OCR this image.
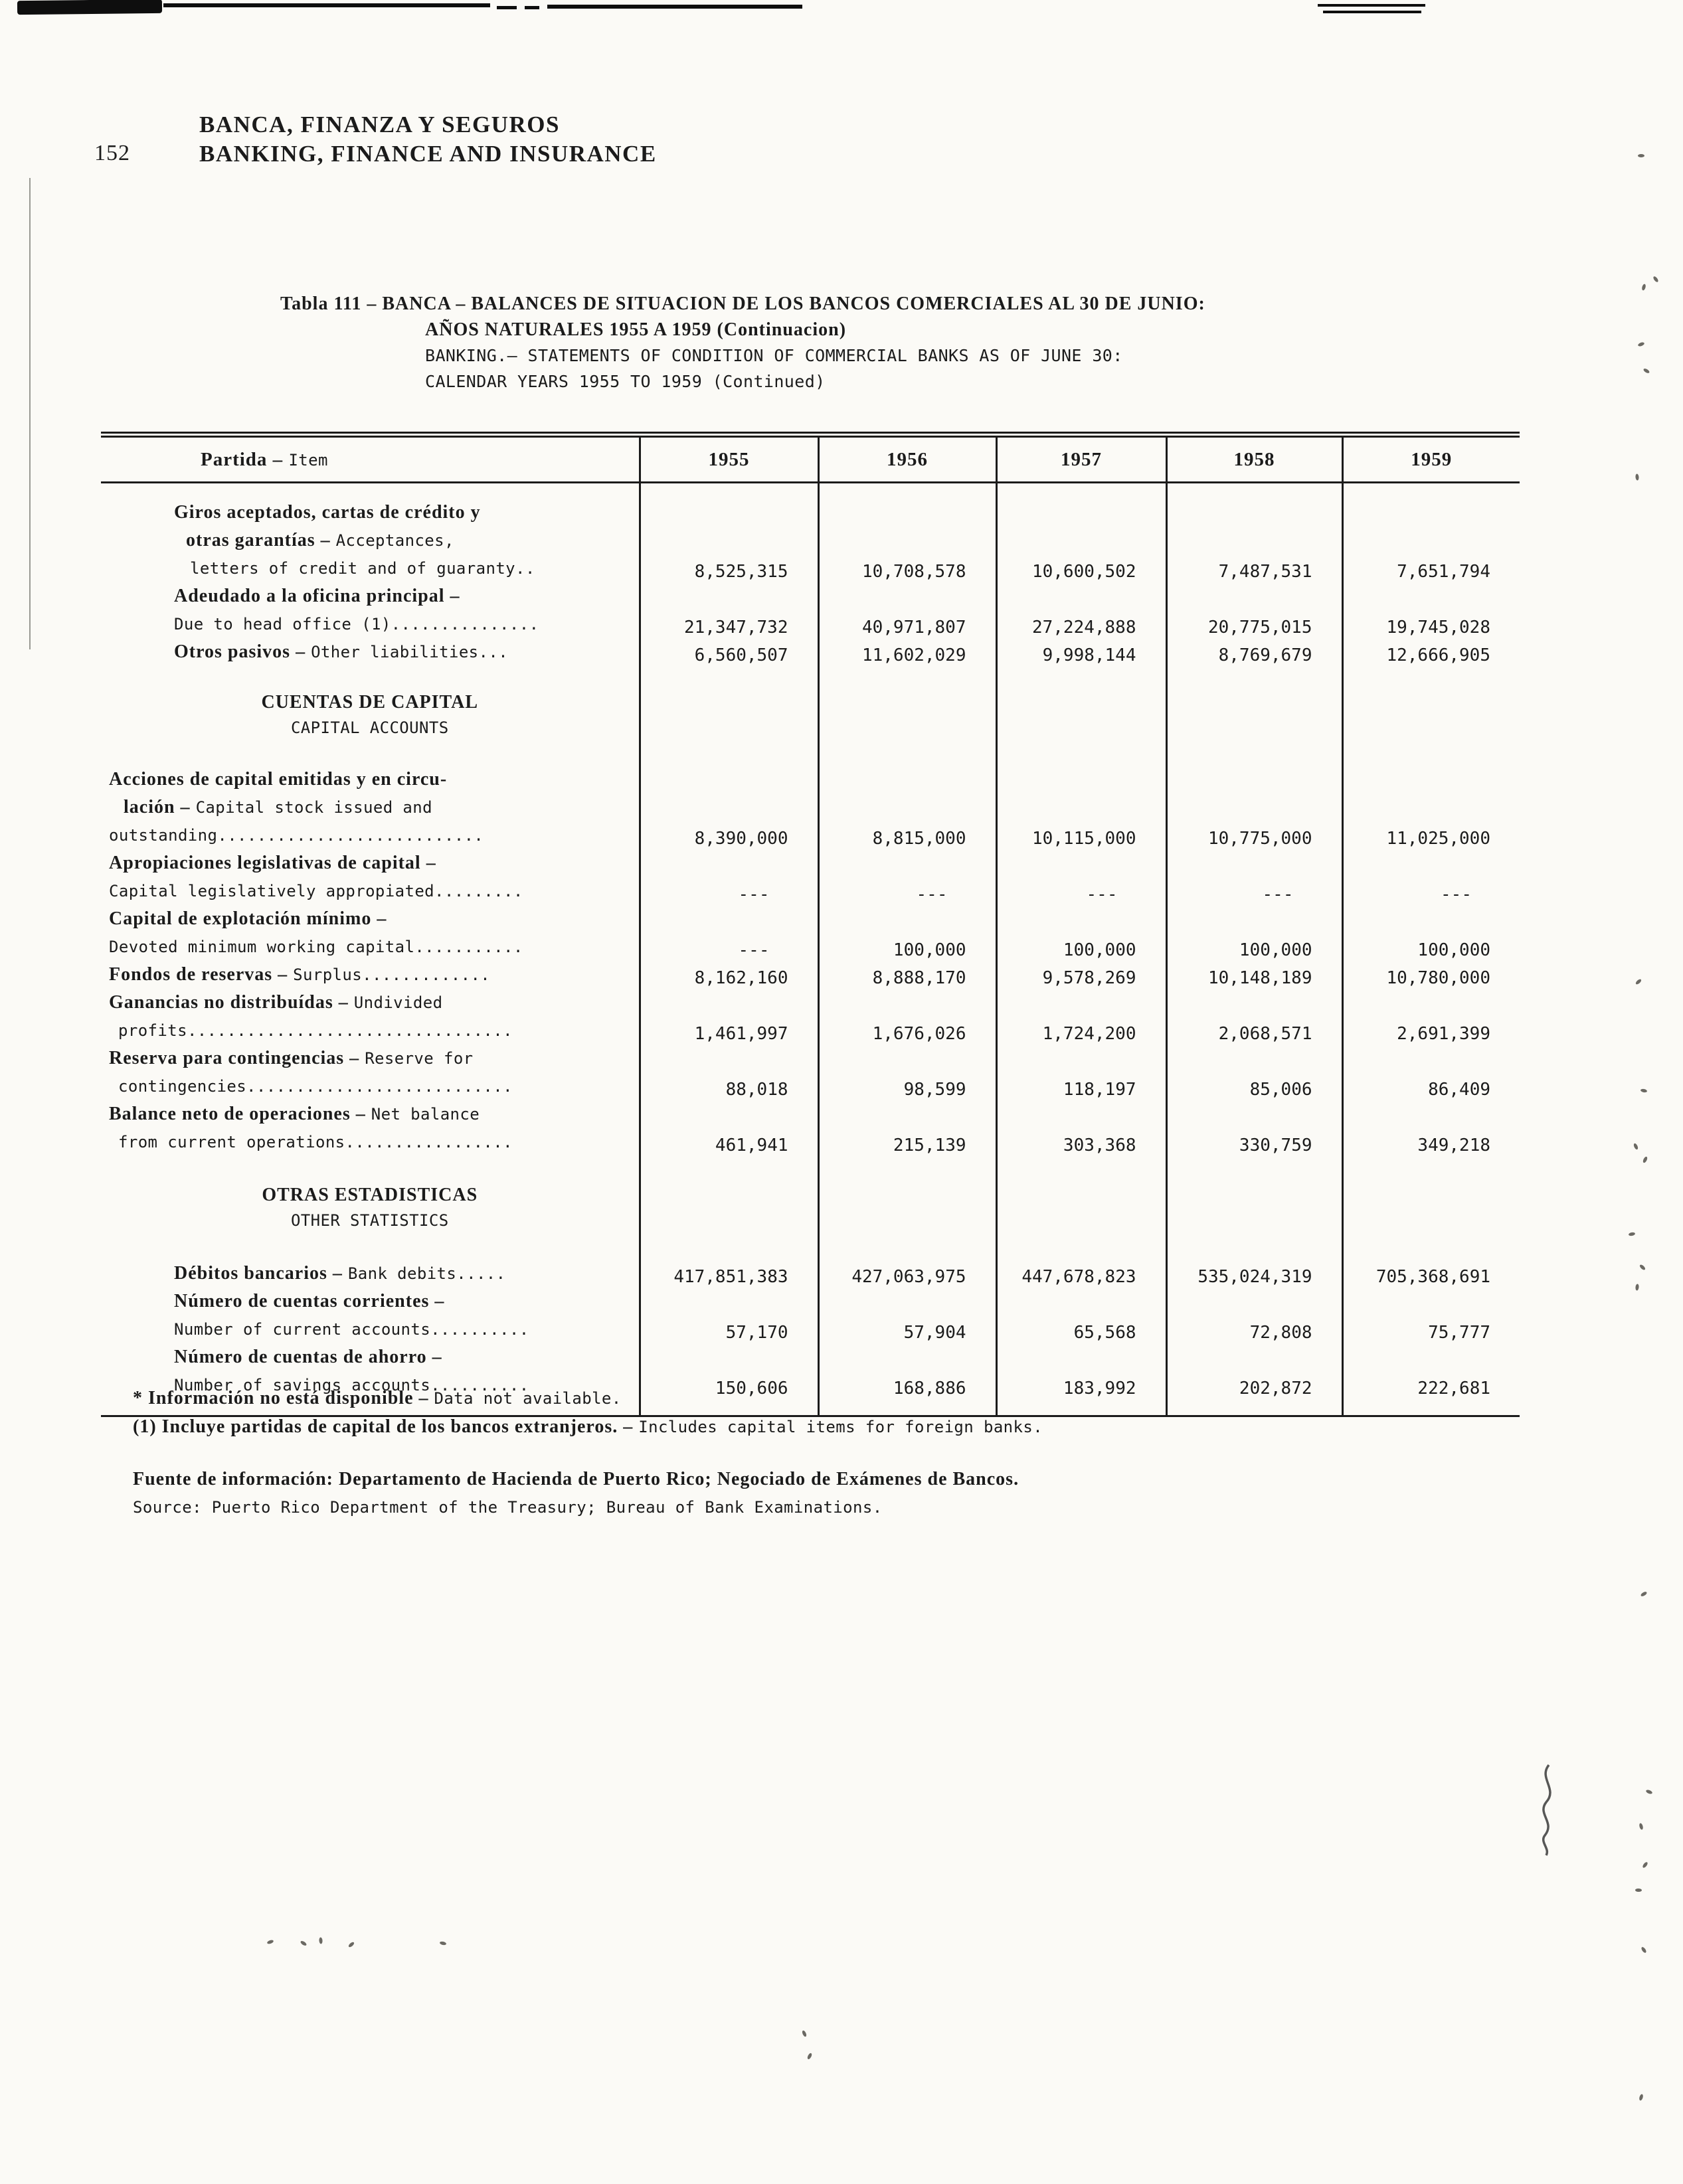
152
BANCA, FINANZA Y SEGUROS
BANKING, FINANCE AND INSURANCE
Tabla 111 – BANCA – BALANCES DE SITUACION DE LOS BANCOS COMERCIALES AL 30 DE JUNIO:
AÑOS NATURALES 1955 A 1959 (Continuacion)
BANKING.– STATEMENTS OF CONDITION OF COMMERCIAL BANKS AS OF JUNE 30:
CALENDAR YEARS 1955 TO 1959 (Continued)
Partida – Item	1955	1956	1957	1958	1959

Giros aceptados, cartas de crédito y
otras garantías – Acceptances,
letters of credit and of guaranty..	8,525,315	10,708,578	10,600,502	7,487,531	7,651,794

Adeudado a la oficina principal –
Due to head office (1)...............	21,347,732	40,971,807	27,224,888	20,775,015	19,745,028

Otros pasivos – Other liabilities...	6,560,507	11,602,029	9,998,144	8,769,679	12,666,905

CUENTAS DE CAPITAL
CAPITAL ACCOUNTS					

Acciones de capital emitidas y en circu-
lación – Capital stock issued and
outstanding...........................	8,390,000	8,815,000	10,115,000	10,775,000	11,025,000

Apropiaciones legislativas de capital –
Capital legislatively appropiated.........	---	---	---	---	---

Capital de explotación mínimo –
Devoted minimum working capital...........	---	100,000	100,000	100,000	100,000

Fondos de reservas – Surplus.............	8,162,160	8,888,170	9,578,269	10,148,189	10,780,000

Ganancias no distribuídas – Undivided
profits.................................	1,461,997	1,676,026	1,724,200	2,068,571	2,691,399

Reserva para contingencias – Reserve for
contingencies...........................	88,018	98,599	118,197	85,006	86,409

Balance neto de operaciones – Net balance
from current operations.................	461,941	215,139	303,368	330,759	349,218

OTRAS ESTADISTICAS
OTHER STATISTICS					

Débitos bancarios – Bank debits.....	417,851,383	427,063,975	447,678,823	535,024,319	705,368,691

Número de cuentas corrientes –
Number of current accounts..........	57,170	57,904	65,568	72,808	75,777

Número de cuentas de ahorro –
Number of savings accounts..........	150,606	168,886	183,992	202,872	222,681

* Información no está disponible – Data not available.
(1) Incluye partidas de capital de los bancos extranjeros. – Includes capital items for foreign banks.
Fuente de información: Departamento de Hacienda de Puerto Rico; Negociado de Exámenes de Bancos.
Source: Puerto Rico Department of the Treasury; Bureau of Bank Examinations.
